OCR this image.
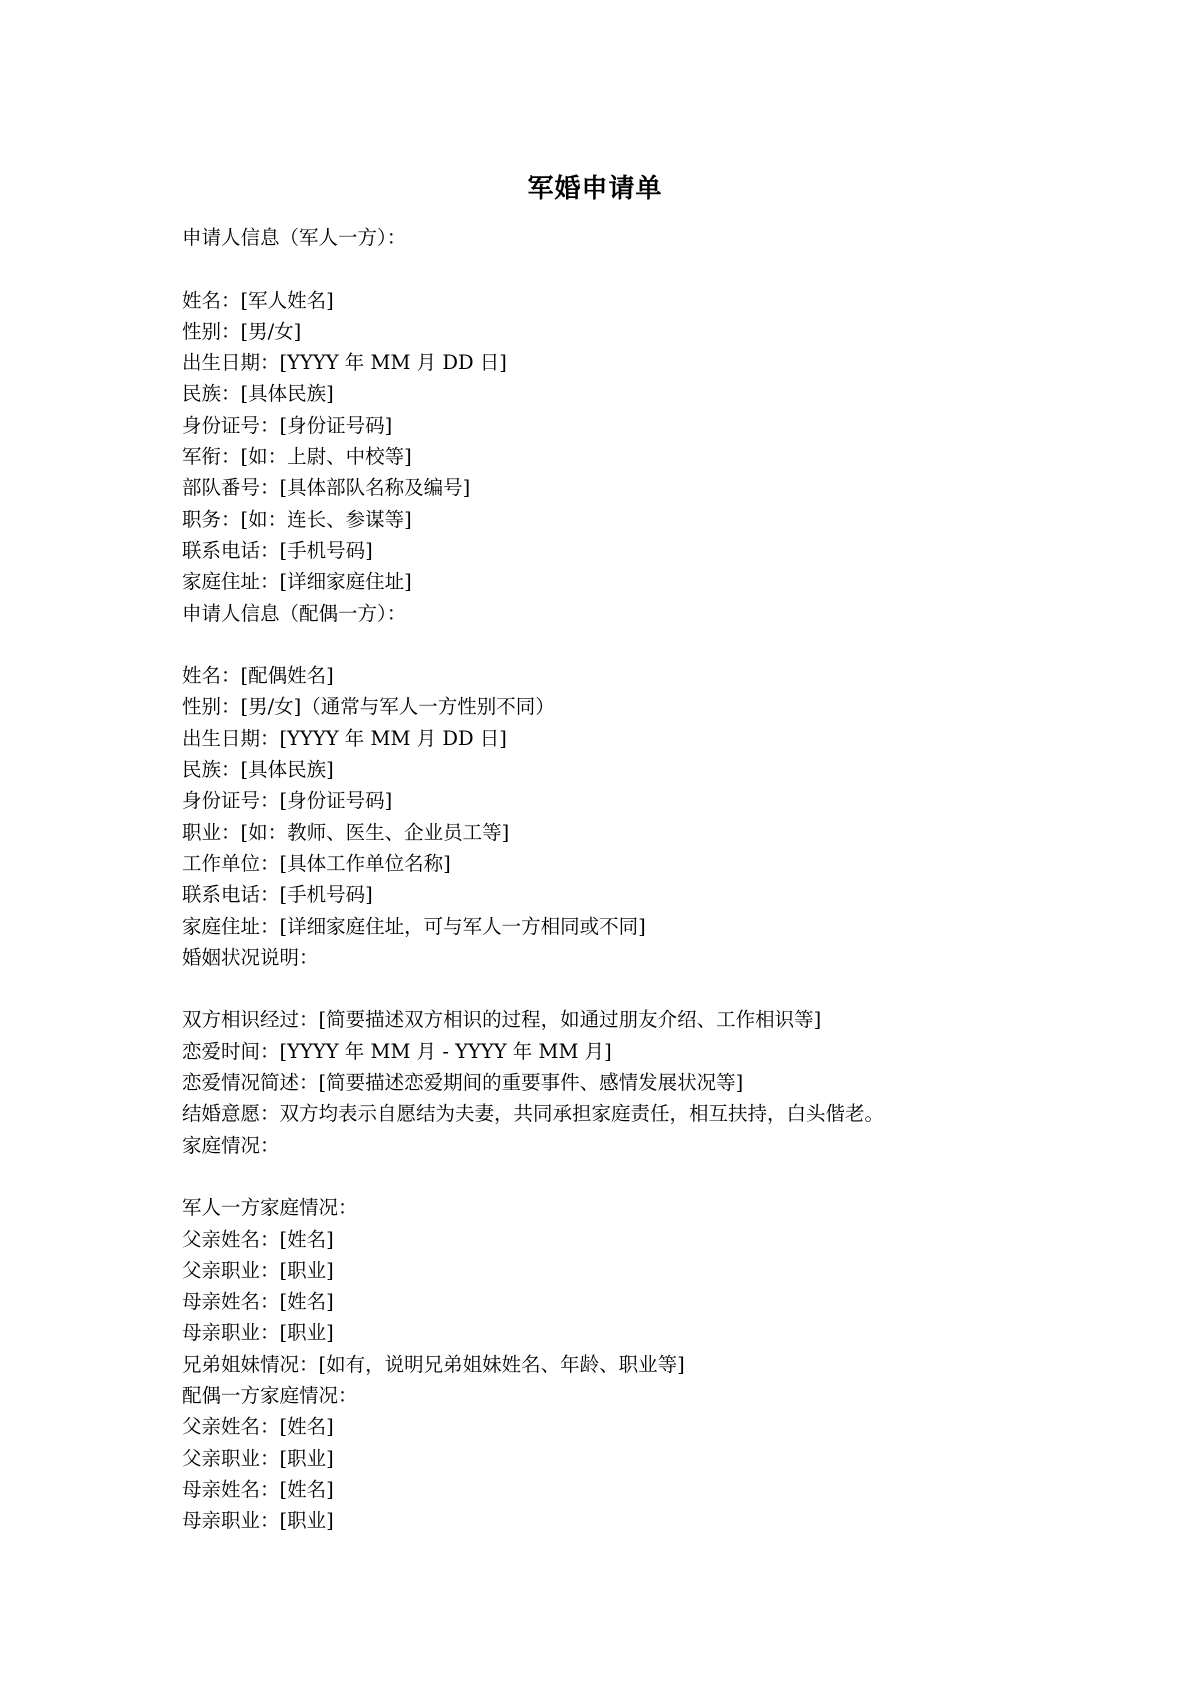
军婚申请单
申请人信息（军人一方）：
姓名：[军人姓名]
性别：[男/女]
出生日期：[YYYY 年 MM 月 DD 日]
民族：[具体民族]
身份证号：[身份证号码]
军衔：[如：上尉、中校等]
部队番号：[具体部队名称及编号]
职务：[如：连长、参谋等]
联系电话：[手机号码]
家庭住址：[详细家庭住址]
申请人信息（配偶一方）：
姓名：[配偶姓名]
性别：[男/女]（通常与军人一方性别不同）
出生日期：[YYYY 年 MM 月 DD 日]
民族：[具体民族]
身份证号：[身份证号码]
职业：[如：教师、医生、企业员工等]
工作单位：[具体工作单位名称]
联系电话：[手机号码]
家庭住址：[详细家庭住址，可与军人一方相同或不同]
婚姻状况说明：
双方相识经过：[简要描述双方相识的过程，如通过朋友介绍、工作相识等]
恋爱时间：[YYYY 年 MM 月 - YYYY 年 MM 月]
恋爱情况简述：[简要描述恋爱期间的重要事件、感情发展状况等]
结婚意愿：双方均表示自愿结为夫妻，共同承担家庭责任，相互扶持，白头偕老。
家庭情况：
军人一方家庭情况：
父亲姓名：[姓名]
父亲职业：[职业]
母亲姓名：[姓名]
母亲职业：[职业]
兄弟姐妹情况：[如有，说明兄弟姐妹姓名、年龄、职业等]
配偶一方家庭情况：
父亲姓名：[姓名]
父亲职业：[职业]
母亲姓名：[姓名]
母亲职业：[职业]
